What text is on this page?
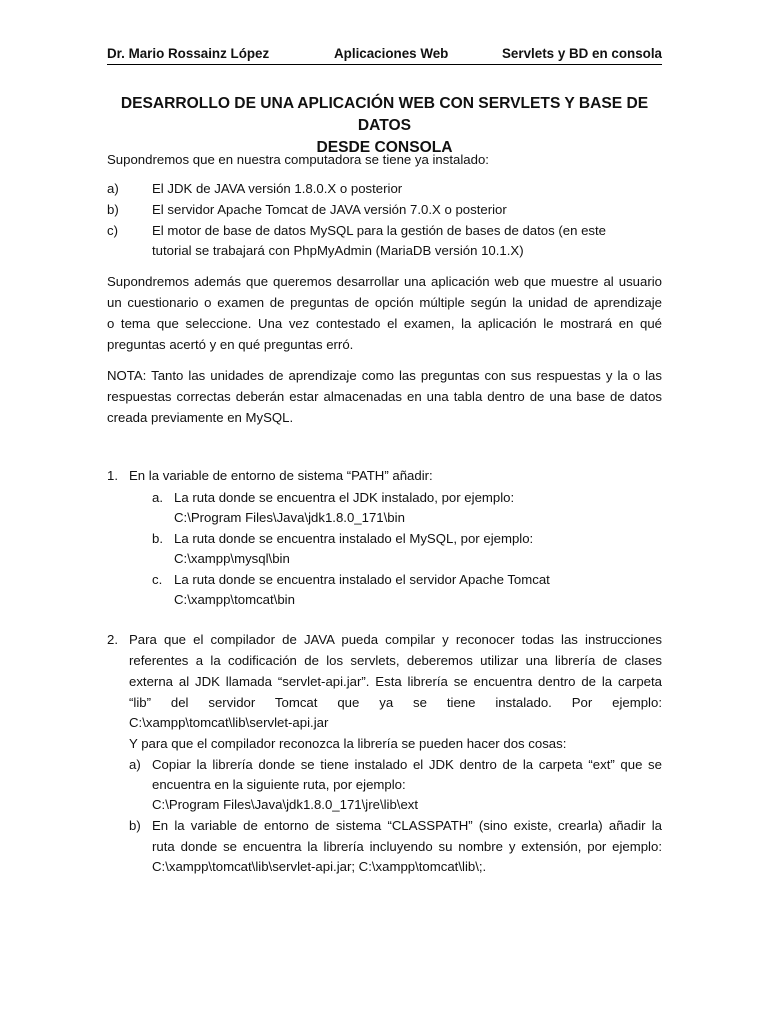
Dr. Mario Rossainz López	Aplicaciones Web	Servlets y BD en consola
DESARROLLO DE UNA APLICACIÓN WEB CON SERVLETS Y BASE DE DATOS
DESDE CONSOLA
Supondremos que en nuestra computadora se tiene ya instalado:
a)	El JDK de JAVA versión 1.8.0.X o posterior
b)	El servidor Apache Tomcat de JAVA versión 7.0.X o posterior
c)	El motor de base de datos MySQL para la gestión de bases de datos (en este
tutorial se trabajará con PhpMyAdmin (MariaDB versión 10.1.X)
Supondremos además que queremos desarrollar una aplicación web que muestre al usuario
un cuestionario o examen de preguntas de opción múltiple según la unidad de aprendizaje
o tema que seleccione. Una vez contestado el examen, la aplicación le mostrará en qué
preguntas acertó y en qué preguntas erró.
NOTA: Tanto las unidades de aprendizaje como las preguntas con sus respuestas y la o las
respuestas correctas deberán estar almacenadas en una tabla dentro de una base de datos
creada previamente en MySQL.
1. En la variable de entorno de sistema “PATH” añadir:
a. La ruta donde se encuentra el JDK instalado, por ejemplo:
C:\Program Files\Java\jdk1.8.0_171\bin
b. La ruta donde se encuentra instalado el MySQL, por ejemplo:
C:\xampp\mysql\bin
c. La ruta donde se encuentra instalado el servidor Apache Tomcat
C:\xampp\tomcat\bin
2. Para que el compilador de JAVA pueda compilar y reconocer todas las instrucciones
referentes a la codificación de los servlets, deberemos utilizar una librería de clases
externa al JDK llamada “servlet-api.jar”. Esta librería se encuentra dentro de la carpeta
“lib” del servidor Tomcat que ya se tiene instalado. Por ejemplo:
C:\xampp\tomcat\lib\servlet-api.jar
Y para que el compilador reconozca la librería se pueden hacer dos cosas:
a) Copiar la librería donde se tiene instalado el JDK dentro de la carpeta “ext” que se
encuentra en la siguiente ruta, por ejemplo:
C:\Program Files\Java\jdk1.8.0_171\jre\lib\ext
b) En la variable de entorno de sistema “CLASSPATH” (sino existe, crearla) añadir la
ruta donde se encuentra la librería incluyendo su nombre y extensión, por ejemplo:
C:\xampp\tomcat\lib\servlet-api.jar; C:\xampp\tomcat\lib\;.
